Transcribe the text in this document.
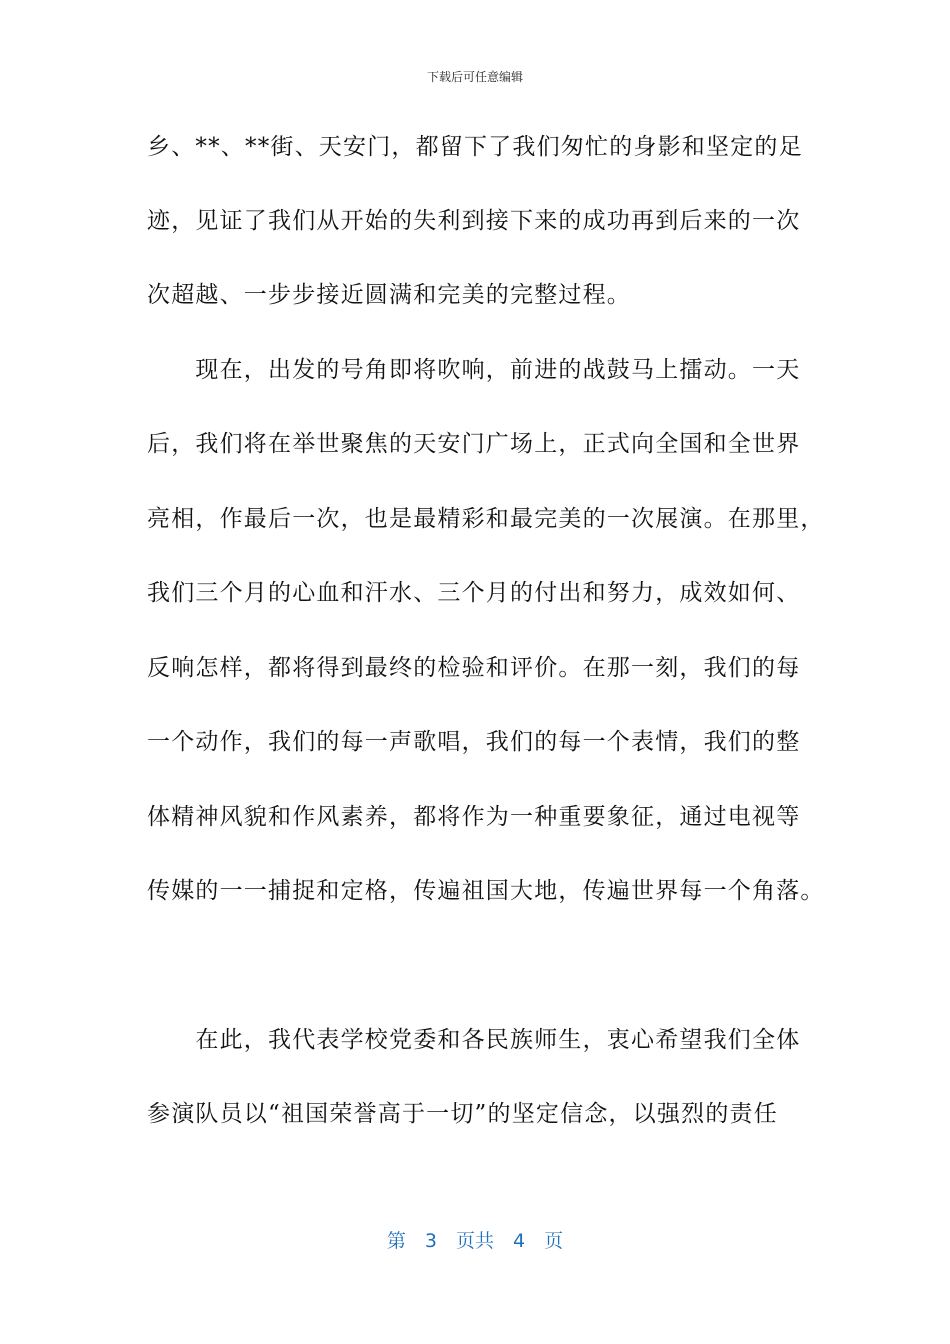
下载后可任意编辑
乡、**、**街、天安门，都留下了我们匆忙的身影和坚定的足
迹，见证了我们从开始的失利到接下来的成功再到后来的一次
次超越、一步步接近圆满和完美的完整过程。
　　现在，出发的号角即将吹响，前进的战鼓马上擂动。一天
后，我们将在举世聚焦的天安门广场上，正式向全国和全世界
亮相，作最后一次，也是最精彩和最完美的一次展演。在那里，
我们三个月的心血和汗水、三个月的付出和努力，成效如何、
反响怎样，都将得到最终的检验和评价。在那一刻，我们的每
一个动作，我们的每一声歌唱，我们的每一个表情，我们的整
体精神风貌和作风素养，都将作为一种重要象征，通过电视等
传媒的一一捕捉和定格，传遍祖国大地，传遍世界每一个角落。
　　在此，我代表学校党委和各民族师生，衷心希望我们全体
参演队员以“祖国荣誉高于一切”的坚定信念，以强烈的责任
第　3　页共　4　页
